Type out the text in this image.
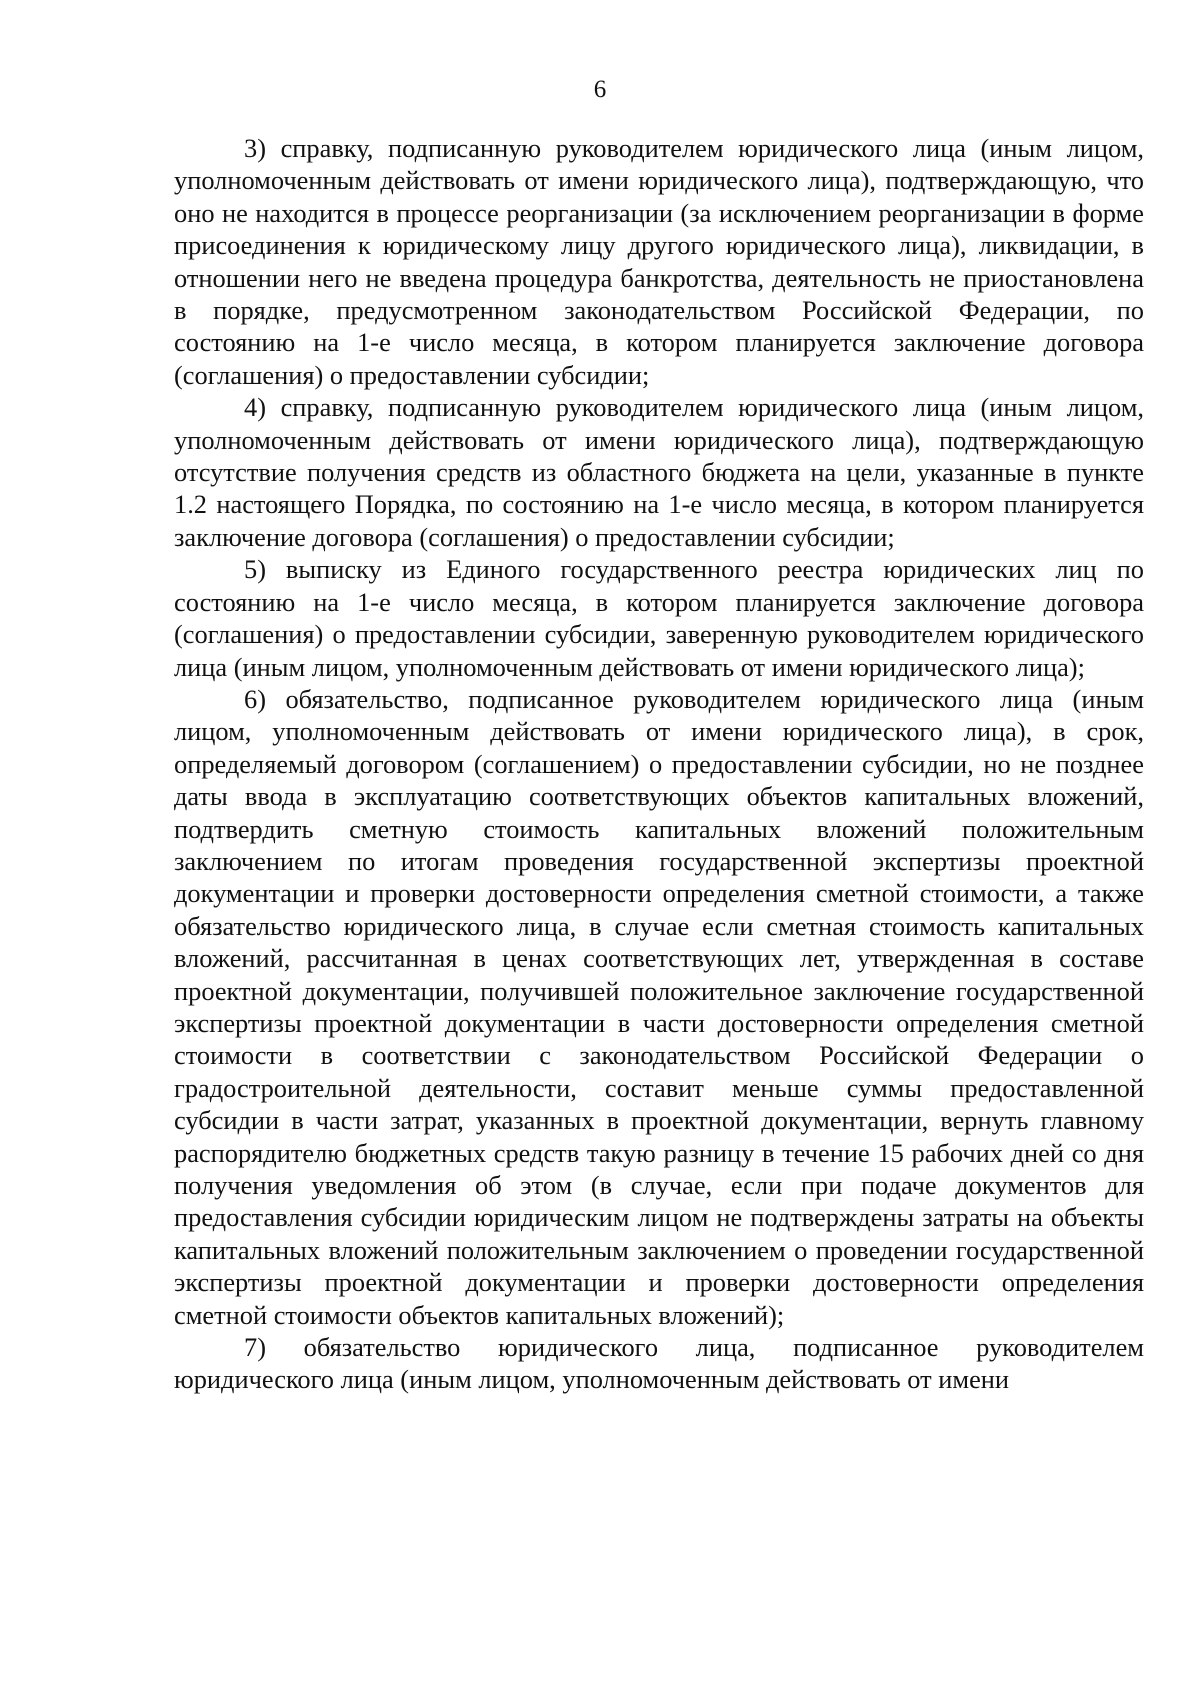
6

3) справку, подписанную руководителем юридического лица (иным лицом, уполномоченным действовать от имени юридического лица), подтверждающую, что оно не находится в процессе реорганизации (за исключением реорганизации в форме присоединения к юридическому лицу другого юридического лица), ликвидации, в отношении него не введена процедура банкротства, деятельность не приостановлена в порядке, предусмотренном законодательством Российской Федерации, по состоянию на 1-е число месяца, в котором планируется заключение договора (соглашения) о предоставлении субсидии;

4) справку, подписанную руководителем юридического лица (иным лицом, уполномоченным действовать от имени юридического лица), подтверждающую отсутствие получения средств из областного бюджета на цели, указанные в пункте 1.2 настоящего Порядка, по состоянию на 1-е число месяца, в котором планируется заключение договора (соглашения) о предоставлении субсидии;

5) выписку из Единого государственного реестра юридических лиц по состоянию на 1-е число месяца, в котором планируется заключение договора (соглашения) о предоставлении субсидии, заверенную руководителем юридического лица (иным лицом, уполномоченным действовать от имени юридического лица);

6) обязательство, подписанное руководителем юридического лица (иным лицом, уполномоченным действовать от имени юридического лица), в срок, определяемый договором (соглашением) о предоставлении субсидии, но не позднее даты ввода в эксплуатацию соответствующих объектов капитальных вложений, подтвердить сметную стоимость капитальных вложений положительным заключением по итогам проведения государственной экспертизы проектной документации и проверки достоверности определения сметной стоимости, а также обязательство юридического лица, в случае если сметная стоимость капитальных вложений, рассчитанная в ценах соответствующих лет, утвержденная в составе проектной документации, получившей положительное заключение государственной экспертизы проектной документации в части достоверности определения сметной стоимости в соответствии с законодательством Российской Федерации о градостроительной деятельности, составит меньше суммы предоставленной субсидии в части затрат, указанных в проектной документации, вернуть главному распорядителю бюджетных средств такую разницу в течение 15 рабочих дней со дня получения уведомления об этом (в случае, если при подаче документов для предоставления субсидии юридическим лицом не подтверждены затраты на объекты капитальных вложений положительным заключением о проведении государственной экспертизы проектной документации и проверки достоверности определения сметной стоимости объектов капитальных вложений);

7) обязательство юридического лица, подписанное руководителем юридического лица (иным лицом, уполномоченным действовать от имени
